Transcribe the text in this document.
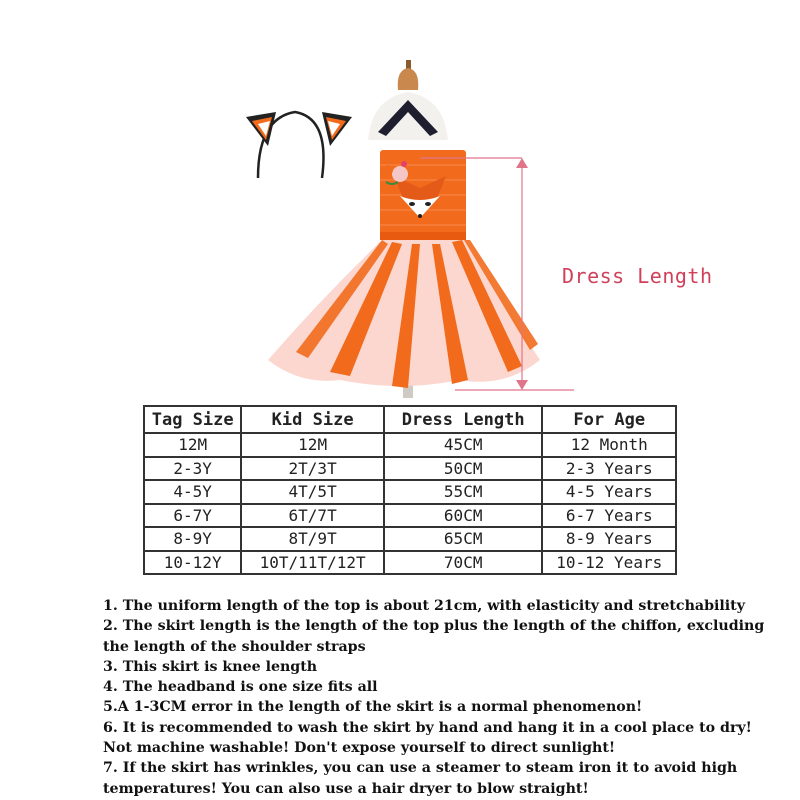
Dress Length
Tag Size	Kid Size	Dress Length	For Age
12M	12M	45CM	12 Month
2-3Y	2T/3T	50CM	2-3 Years
4-5Y	4T/5T	55CM	4-5 Years
6-7Y	6T/7T	60CM	6-7 Years
8-9Y	8T/9T	65CM	8-9 Years
10-12Y	10T/11T/12T	70CM	10-12 Years
1. The uniform length of the top is about 21cm, with elasticity and stretchability
2. The skirt length is the length of the top plus the length of the chiffon, excluding
the length of the shoulder straps
3. This skirt is knee length
4. The headband is one size fits all
5.A 1-3CM error in the length of the skirt is a normal phenomenon!
6. It is recommended to wash the skirt by hand and hang it in a cool place to dry!
Not machine washable! Don't expose yourself to direct sunlight!
7. If the skirt has wrinkles, you can use a steamer to steam iron it to avoid high
temperatures! You can also use a hair dryer to blow straight!
